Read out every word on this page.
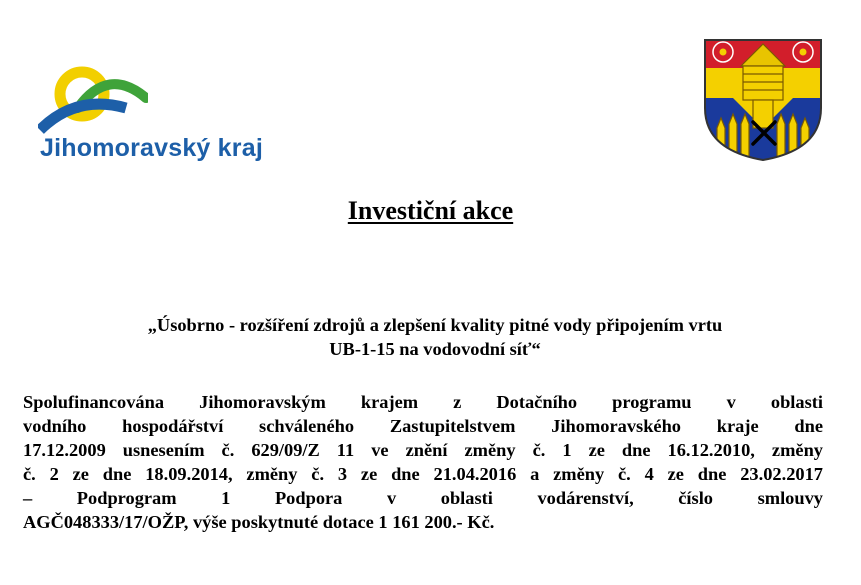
Jihomoravský kraj
Investiční akce
„Úsobrno - rozšíření zdrojů a zlepšení kvality pitné vody připojením vrtu
UB-1-15 na vodovodní síť“
Spolufinancována Jihomoravským krajem z Dotačního programu v oblasti
vodního hospodářství schváleného Zastupitelstvem Jihomoravského kraje dne
17.12.2009 usnesením č. 629/09/Z 11 ve znění změny č. 1 ze dne 16.12.2010, změny
č. 2 ze dne 18.09.2014, změny č. 3 ze dne 21.04.2016 a změny č. 4 ze dne 23.02.2017
– Podprogram 1 Podpora v oblasti vodárenství, číslo smlouvy
AGČ048333/17/OŽP, výše poskytnuté dotace 1 161 200.- Kč.
